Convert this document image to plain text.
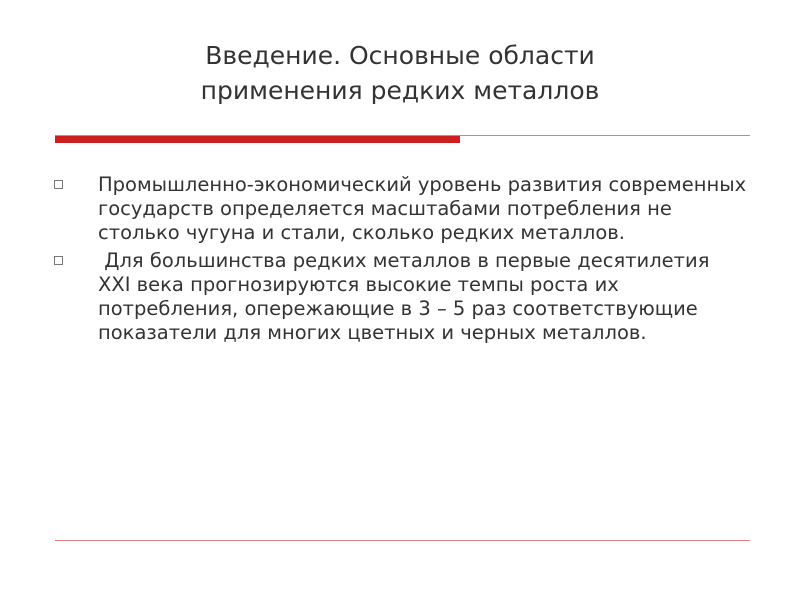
Введение. Основные области
применения редких металлов
Промышленно-экономический уровень развития современных государств определяется масштабами потребления не столько чугуна и стали, сколько редких металлов.
Для большинства редких металлов в первые десятилетия XXI века прогнозируются высокие темпы роста их потребления, опережающие в 3 – 5 раз соответствующие показатели для многих цветных и черных металлов.
